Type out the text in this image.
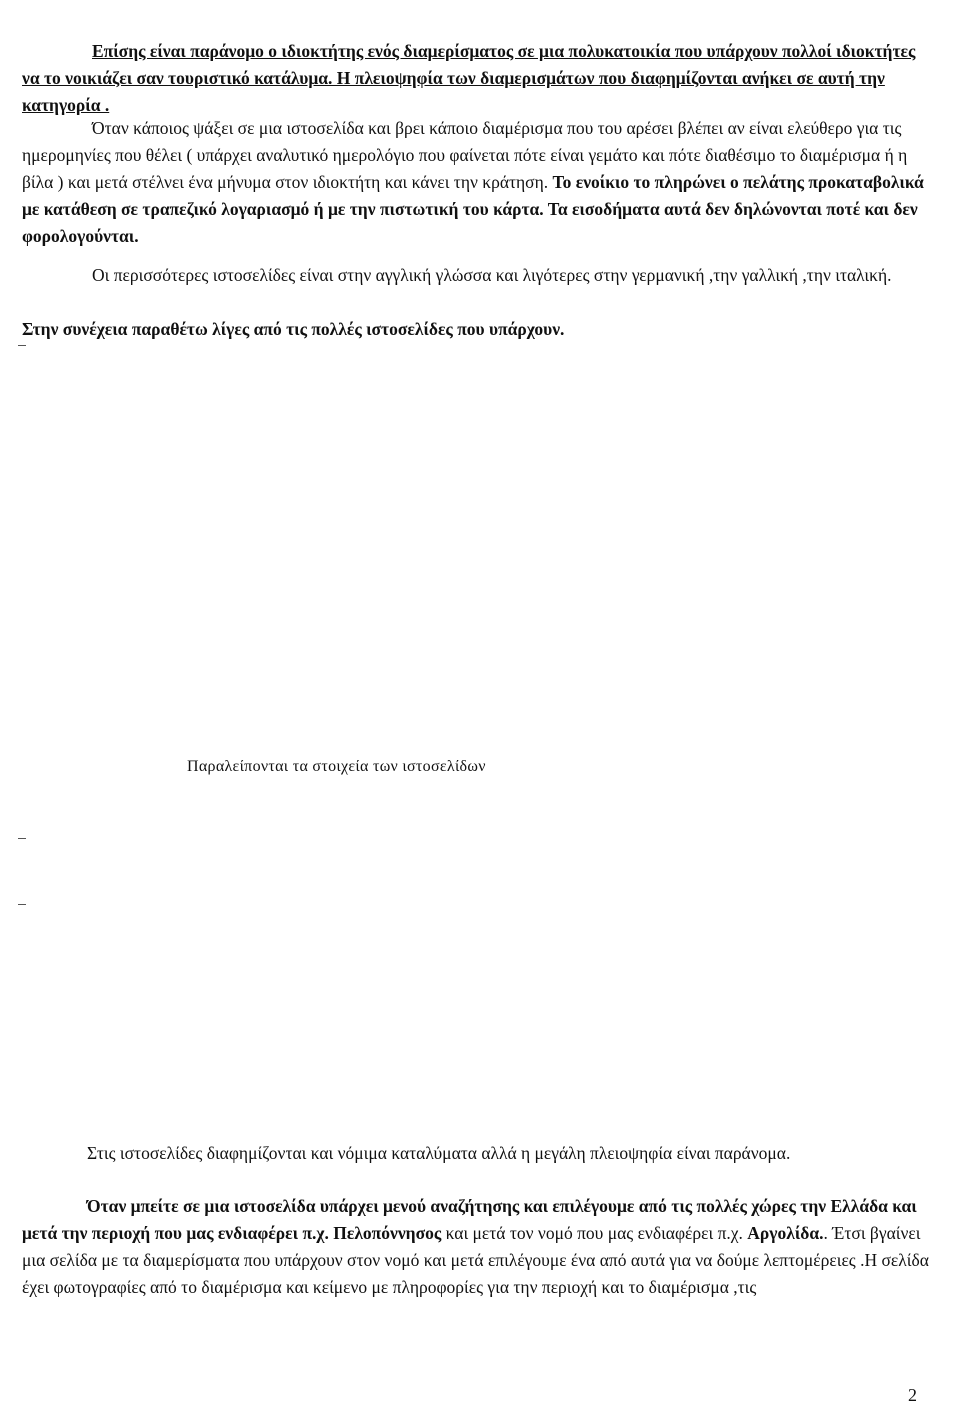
Επίσης είναι παράνομο ο ιδιοκτήτης ενός διαμερίσματος σε μια πολυκατοικία που υπάρχουν πολλοί ιδιοκτήτες να το νοικιάζει σαν τουριστικό κατάλυμα. Η πλειοψηφία των διαμερισμάτων που διαφημίζονται ανήκει σε αυτή την κατηγορία .
Όταν κάποιος ψάξει σε μια ιστοσελίδα και βρει κάποιο διαμέρισμα που του αρέσει βλέπει αν είναι ελεύθερο για τις ημερομηνίες που θέλει ( υπάρχει αναλυτικό ημερολόγιο που φαίνεται πότε είναι γεμάτο και πότε διαθέσιμο το διαμέρισμα ή η βίλα ) και μετά στέλνει ένα μήνυμα στον ιδιοκτήτη και κάνει την κράτηση. Το ενοίκιο το πληρώνει ο πελάτης προκαταβολικά με κατάθεση σε τραπεζικό λογαριασμό ή με την πιστωτική του κάρτα. Τα εισοδήματα αυτά δεν δηλώνονται ποτέ και δεν φορολογούνται.
Οι περισσότερες ιστοσελίδες είναι στην αγγλική γλώσσα και λιγότερες στην γερμανική ,την γαλλική ,την ιταλική.
Στην συνέχεια παραθέτω λίγες από τις πολλές ιστοσελίδες που υπάρχουν.
Παραλείπονται τα στοιχεία των ιστοσελίδων
Στις ιστοσελίδες διαφημίζονται και νόμιμα καταλύματα αλλά η μεγάλη πλειοψηφία είναι παράνομα.
Όταν μπείτε σε μια ιστοσελίδα υπάρχει μενού αναζήτησης και επιλέγουμε από τις πολλές χώρες την Ελλάδα και μετά την περιοχή που μας ενδιαφέρει π.χ. Πελοπόννησος και μετά τον νομό που μας ενδιαφέρει π.χ. Αργολίδα.. Έτσι βγαίνει μια σελίδα με τα διαμερίσματα που υπάρχουν στον νομό και μετά επιλέγουμε ένα από αυτά για να δούμε λεπτομέρειες .Η σελίδα έχει φωτογραφίες από το διαμέρισμα και κείμενο με πληροφορίες για την περιοχή και το διαμέρισμα ,τις
2
